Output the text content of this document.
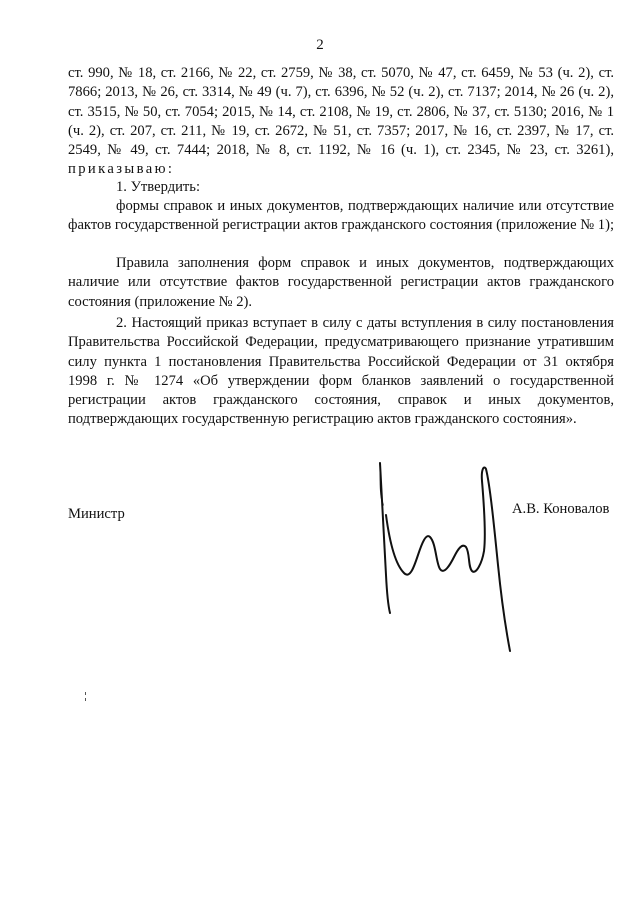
2

ст. 990, № 18, ст. 2166, № 22, ст. 2759, № 38, ст. 5070, № 47, ст. 6459, № 53 (ч. 2), ст. 7866; 2013, № 26, ст. 3314, № 49 (ч. 7), ст. 6396, № 52 (ч. 2), ст. 7137; 2014, № 26 (ч. 2), ст. 3515, № 50, ст. 7054; 2015, № 14, ст. 2108, № 19, ст. 2806, № 37, ст. 5130; 2016, № 1 (ч. 2), ст. 207, ст. 211, № 19, ст. 2672, № 51, ст. 7357; 2017, № 16, ст. 2397, № 17, ст. 2549, № 49, ст. 7444; 2018, № 8, ст. 1192, № 16 (ч. 1), ст. 2345, № 23, ст. 3261), приказываю:

1. Утвердить:

формы справок и иных документов, подтверждающих наличие или отсутствие фактов государственной регистрации актов гражданского состояния (приложение № 1);

Правила заполнения форм справок и иных документов, подтверждающих наличие или отсутствие фактов государственной регистрации актов гражданского состояния (приложение № 2).

2. Настоящий приказ вступает в силу с даты вступления в силу постановления Правительства Российской Федерации, предусматривающего признание утратившим силу пункта 1 постановления Правительства Российской Федерации от 31 октября 1998 г. № 1274 «Об утверждении форм бланков заявлений о государственной регистрации актов гражданского состояния, справок и иных документов, подтверждающих государственную регистрацию актов гражданского состояния».

Министр	А.В. Коновалов
